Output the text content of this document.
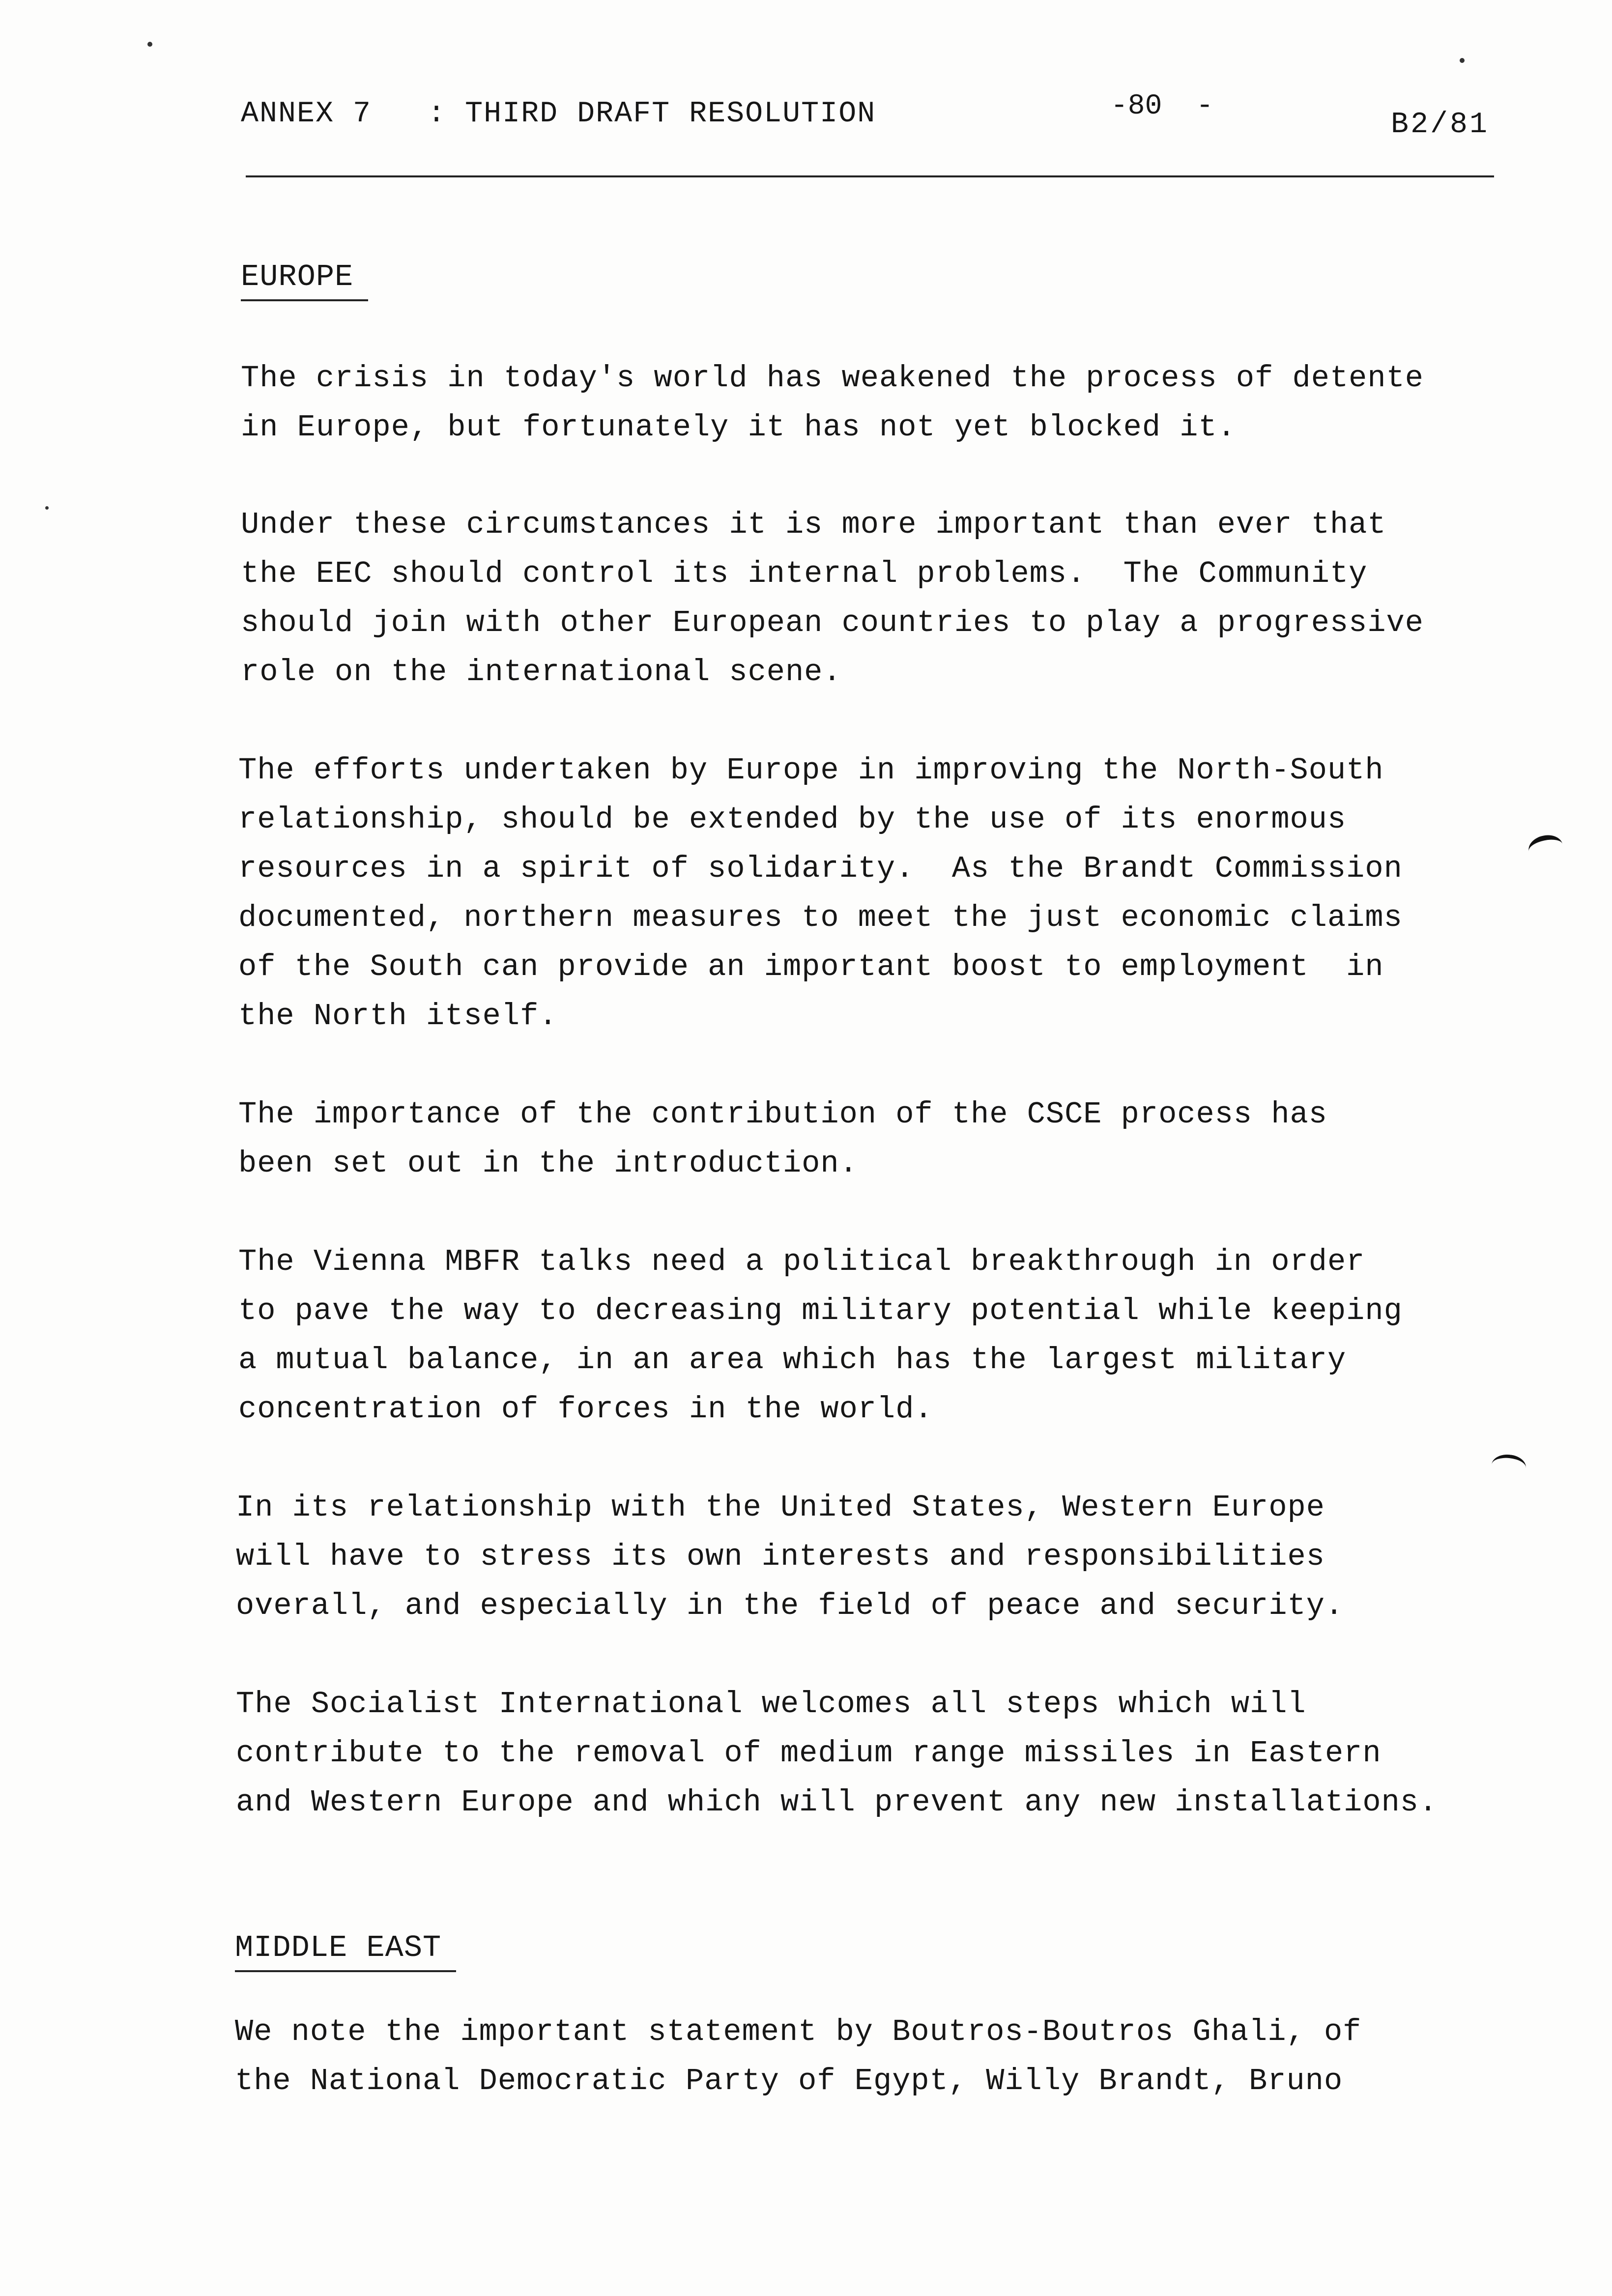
ANNEX 7   : THIRD DRAFT RESOLUTION	-80  -
B2/81
EUROPE
The crisis in today's world has weakened the process of detente
in Europe, but fortunately it has not yet blocked it.
Under these circumstances it is more important than ever that
the EEC should control its internal problems.  The Community
should join with other European countries to play a progressive
role on the international scene.
The efforts undertaken by Europe in improving the North-South
relationship, should be extended by the use of its enormous
resources in a spirit of solidarity.  As the Brandt Commission
documented, northern measures to meet the just economic claims
of the South can provide an important boost to employment  in
the North itself.
The importance of the contribution of the CSCE process has
been set out in the introduction.
The Vienna MBFR talks need a political breakthrough in order
to pave the way to decreasing military potential while keeping
a mutual balance, in an area which has the largest military
concentration of forces in the world.
In its relationship with the United States, Western Europe
will have to stress its own interests and responsibilities
overall, and especially in the field of peace and security.
The Socialist International welcomes all steps which will
contribute to the removal of medium range missiles in Eastern
and Western Europe and which will prevent any new installations.
MIDDLE EAST
We note the important statement by Boutros-Boutros Ghali, of
the National Democratic Party of Egypt, Willy Brandt, Bruno
